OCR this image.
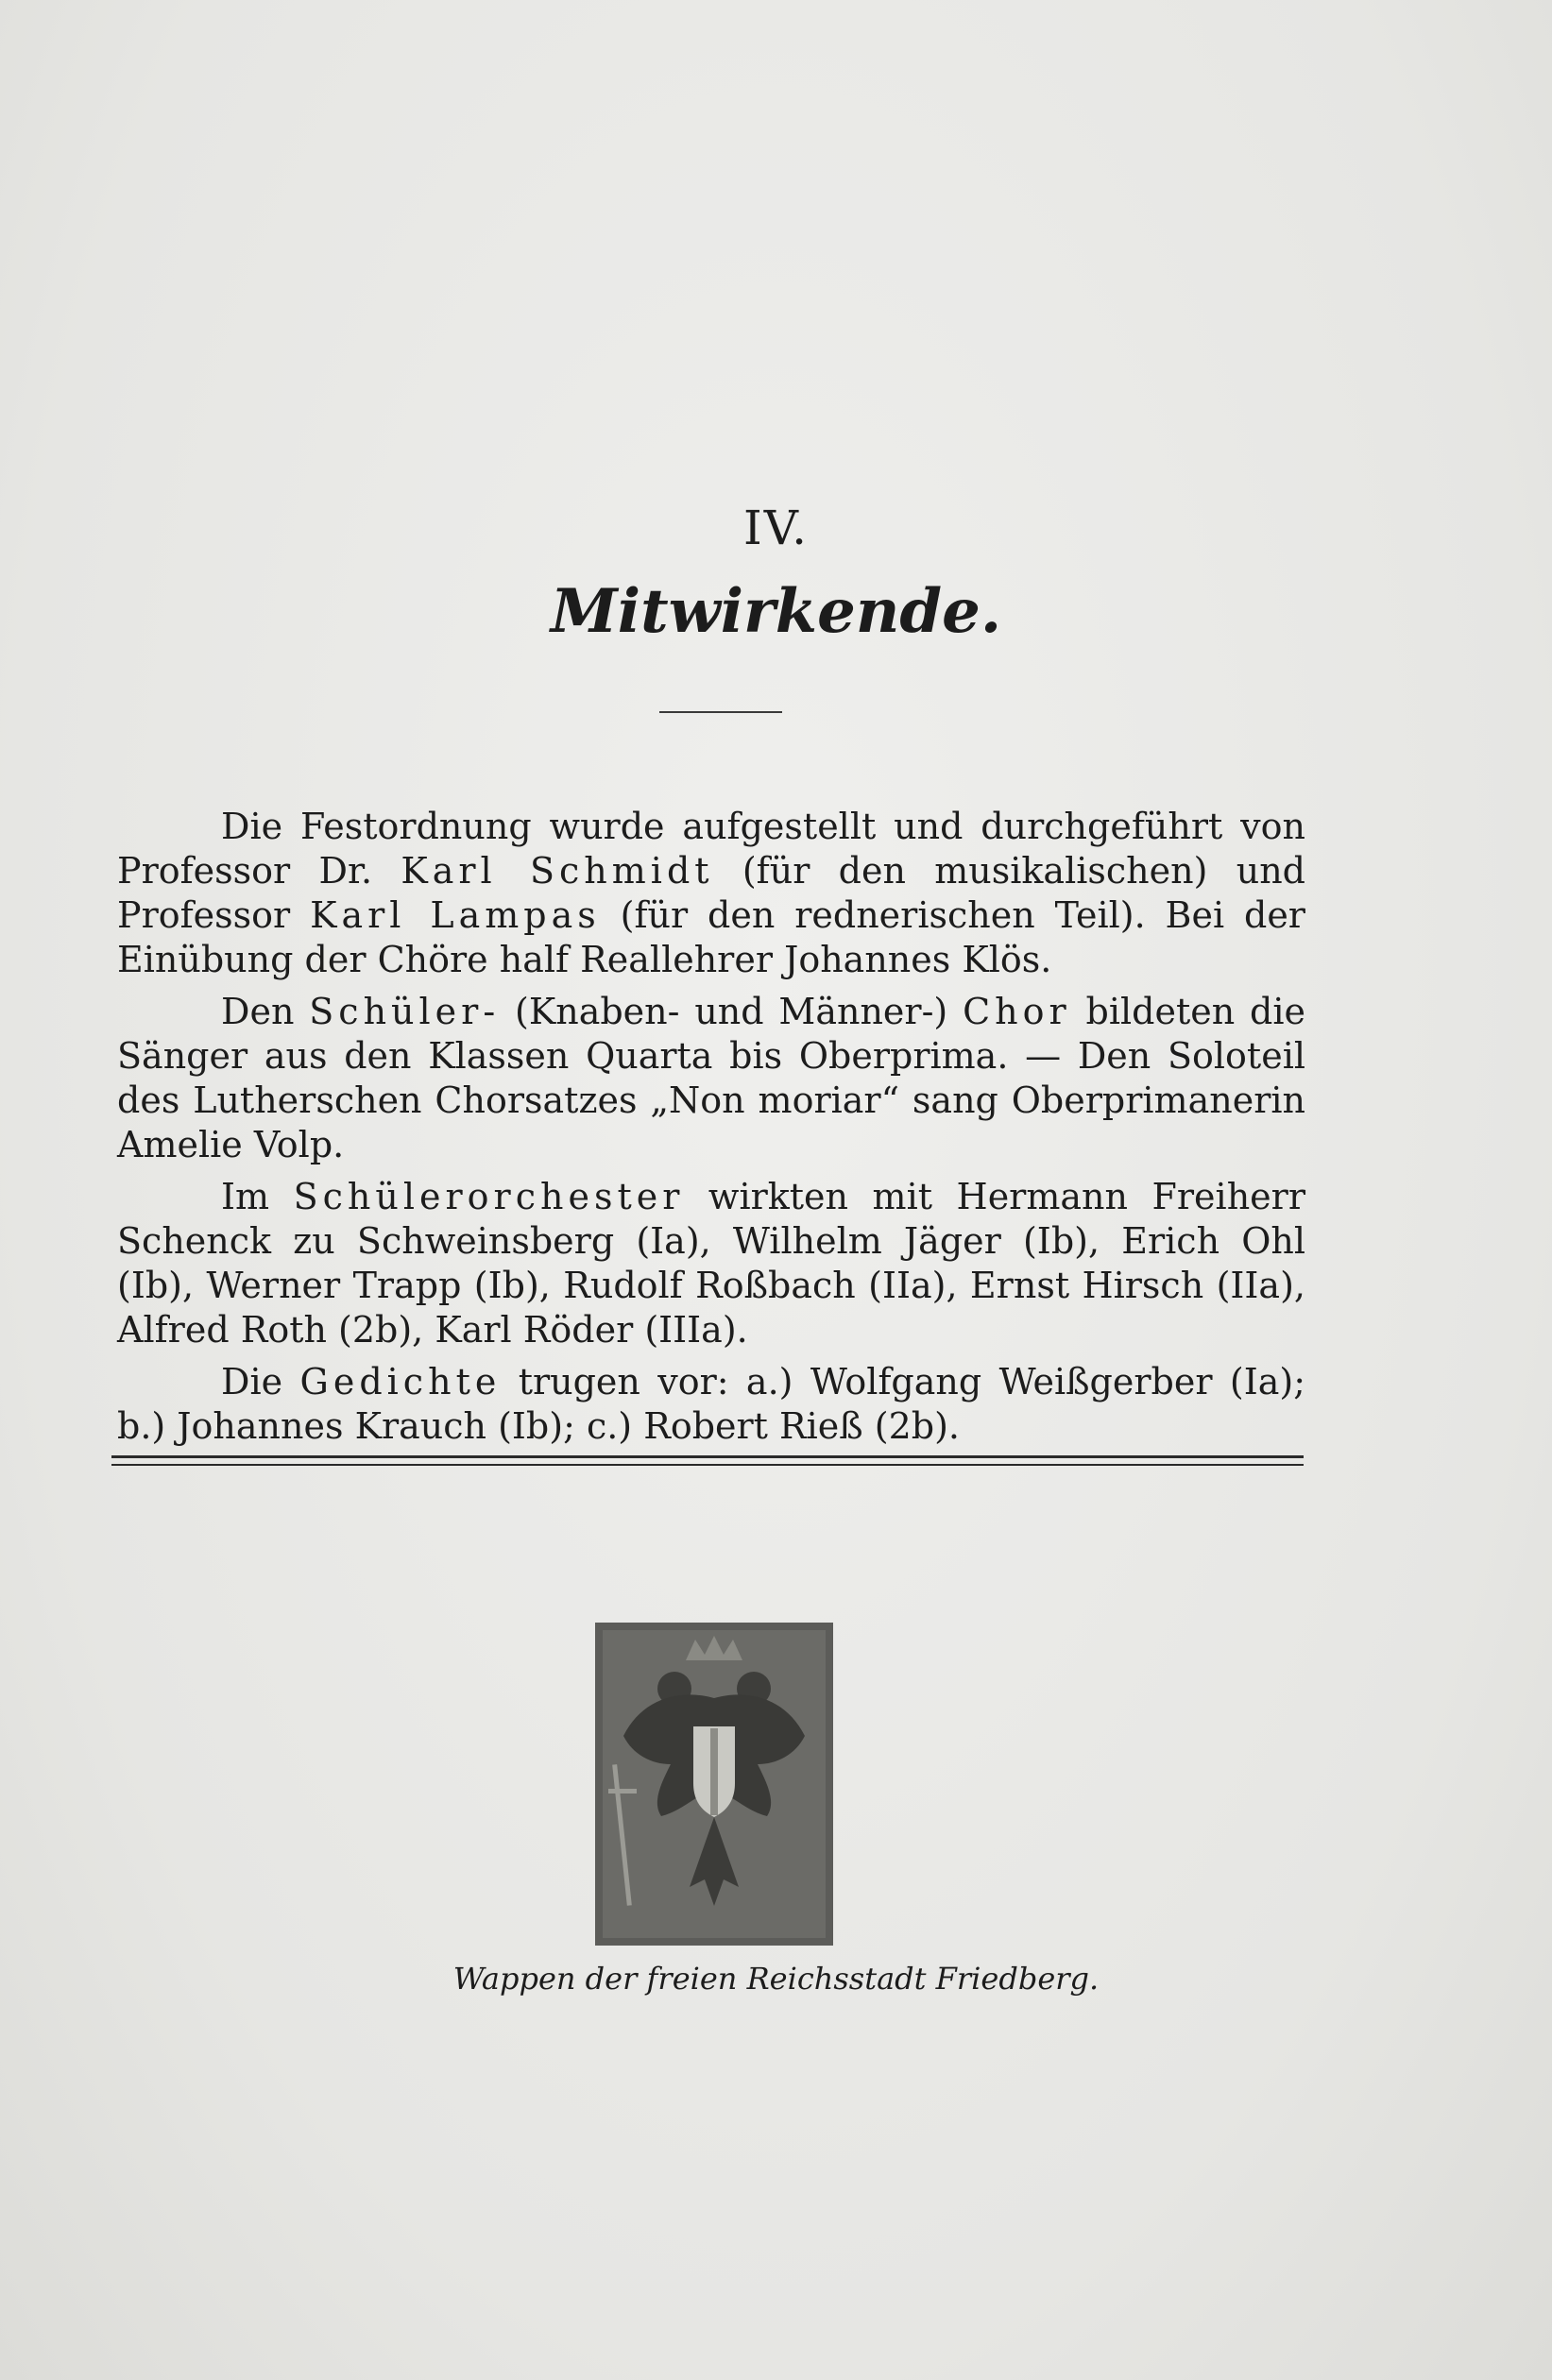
IV.
Mitwirkende.

Die Festordnung wurde aufgestellt und durchgeführt von Professor Dr. Karl Schmidt (für den musikalischen) und Professor Karl Lampas (für den rednerischen Teil). Bei der Einübung der Chöre half Reallehrer Johannes Klös.

Den Schüler- (Knaben- und Männer-) Chor bildeten die Sänger aus den Klassen Quarta bis Oberprima. — Den Soloteil des Lutherschen Chorsatzes „Non moriar“ sang Oberprimanerin Amelie Volp.

Im Schülerorchester wirkten mit Hermann Freiherr Schenck zu Schweinsberg (Ia), Wilhelm Jäger (Ib), Erich Ohl (Ib), Werner Trapp (Ib), Rudolf Roßbach (IIa), Ernst Hirsch (IIa), Alfred Roth (2b), Karl Röder (IIIa).

Die Gedichte trugen vor: a.) Wolfgang Weißgerber (Ia); b.) Johannes Krauch (Ib); c.) Robert Rieß (2b).

Wappen der freien Reichsstadt Friedberg.
